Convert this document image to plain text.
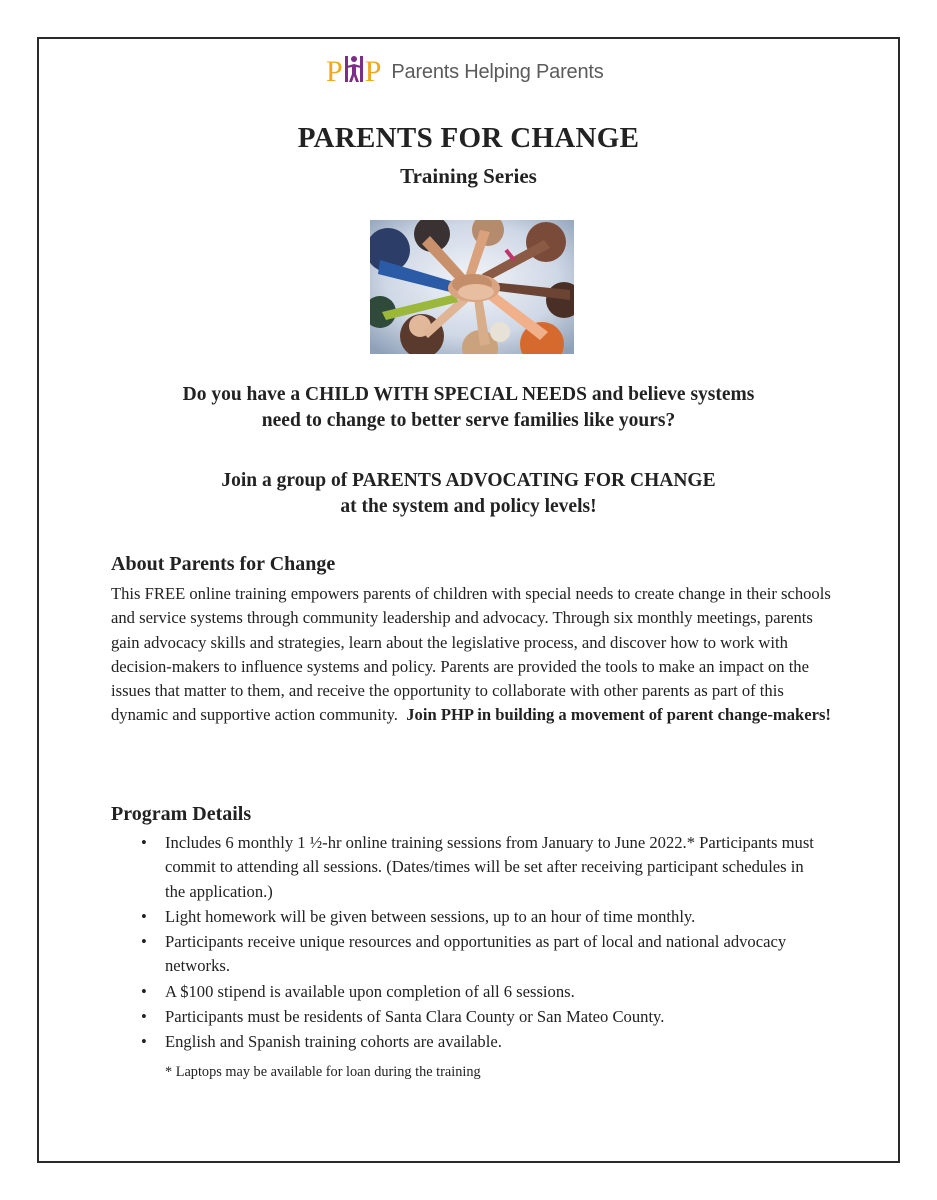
P P Parents Helping Parents
PARENTS FOR CHANGE
Training Series
Do you have a CHILD WITH SPECIAL NEEDS and believe systems
need to change to better serve families like yours?
Join a group of PARENTS ADVOCATING FOR CHANGE
at the system and policy levels!
About Parents for Change
This FREE online training empowers parents of children with special needs to create change in their schools and service systems through community leadership and advocacy. Through six monthly meetings, parents gain advocacy skills and strategies, learn about the legislative process, and discover how to work with decision-makers to influence systems and policy. Parents are provided the tools to make an impact on the issues that matter to them, and receive the opportunity to collaborate with other parents as part of this dynamic and supportive action community. Join PHP in building a movement of parent change-makers!
Program Details
• Includes 6 monthly 1 ½-hr online training sessions from January to June 2022.* Participants must commit to attending all sessions. (Dates/times will be set after receiving participant schedules in the application.)
• Light homework will be given between sessions, up to an hour of time monthly.
• Participants receive unique resources and opportunities as part of local and national advocacy networks.
• A $100 stipend is available upon completion of all 6 sessions.
• Participants must be residents of Santa Clara County or San Mateo County.
• English and Spanish training cohorts are available.
* Laptops may be available for loan during the training
